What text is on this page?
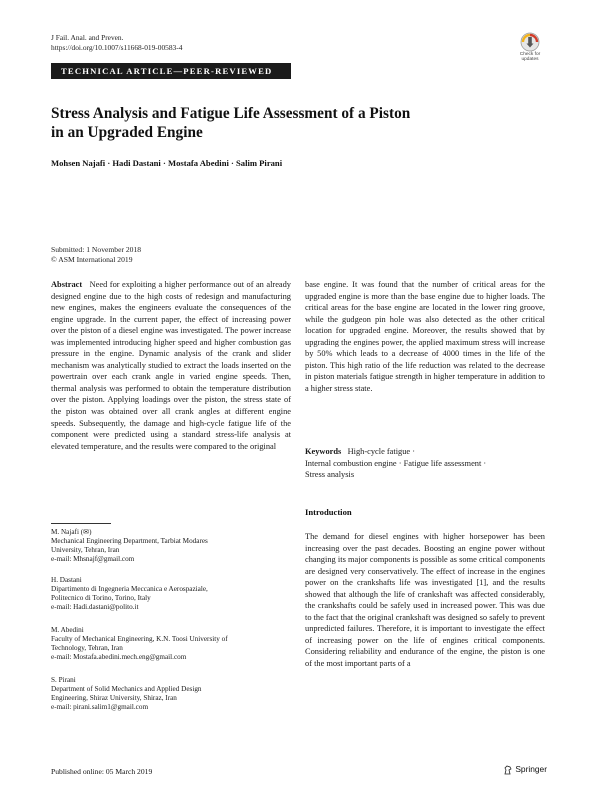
J Fail. Anal. and Preven.
https://doi.org/10.1007/s11668-019-00583-4
Check for
updates
TECHNICAL ARTICLE—PEER-REVIEWED
Stress Analysis and Fatigue Life Assessment of a Piston
in an Upgraded Engine
Mohsen Najafi · Hadi Dastani · Mostafa Abedini · Salim Pirani
Submitted: 1 November 2018
© ASM International 2019

Abstract Need for exploiting a higher performance out of an already designed engine due to the high costs of redesign and manufacturing new engines, makes the engineers evaluate the consequences of the engine upgrade. In the current paper, the effect of increasing power over the piston of a diesel engine was investigated. The power increase was implemented introducing higher speed and higher combustion gas pressure in the engine. Dynamic analysis of the crank and slider mechanism was analytically studied to extract the loads inserted on the powertrain over each crank angle in varied engine speeds. Then, thermal analysis was performed to obtain the temperature distribution over the piston. Applying loadings over the piston, the stress state of the piston was obtained over all crank angles at different engine speeds. Subsequently, the damage and high-cycle fatigue life of the component were predicted using a standard stress-life analysis at elevated temperature, and the results were compared to the original

base engine. It was found that the number of critical areas for the upgraded engine is more than the base engine due to higher loads. The critical areas for the base engine are located in the lower ring groove, while the gudgeon pin hole was also detected as the other critical location for upgraded engine. Moreover, the results showed that by upgrading the engines power, the applied maximum stress will increase by 50% which leads to a decrease of 4000 times in the life of the piston. This high ratio of the life reduction was related to the decrease in piston materials fatigue strength in higher temperature in addition to a higher stress state.

Keywords High-cycle fatigue ·
Internal combustion engine · Fatigue life assessment ·
Stress analysis
Introduction

The demand for diesel engines with higher horsepower has been increasing over the past decades. Boosting an engine power without changing its major components is possible as some critical components are designed very conservatively. The effect of increase in the engines power on the crankshafts life was investigated [1], and the results showed that although the life of crankshaft was affected considerably, the crankshafts could be safely used in increased power. This was due to the fact that the original crankshaft was designed so safely to prevent unpredicted failures. Therefore, it is important to investigate the effect of increasing power on the life of engines critical components. Considering reliability and endurance of the engine, the piston is one of the most important parts of a

M. Najafi (✉)
Mechanical Engineering Department, Tarbiat Modares
University, Tehran, Iran
e-mail: Mhsnajf@gmail.com
H. Dastani
Dipartimento di Ingegneria Meccanica e Aerospaziale,
Politecnico di Torino, Torino, Italy
e-mail: Hadi.dastani@polito.it
M. Abedini
Faculty of Mechanical Engineering, K.N. Toosi University of
Technology, Tehran, Iran
e-mail: Mostafa.abedini.mech.eng@gmail.com
S. Pirani
Department of Solid Mechanics and Applied Design
Engineering, Shiraz University, Shiraz, Iran
e-mail: pirani.salim1@gmail.com
Published online: 05 March 2019	Springer
